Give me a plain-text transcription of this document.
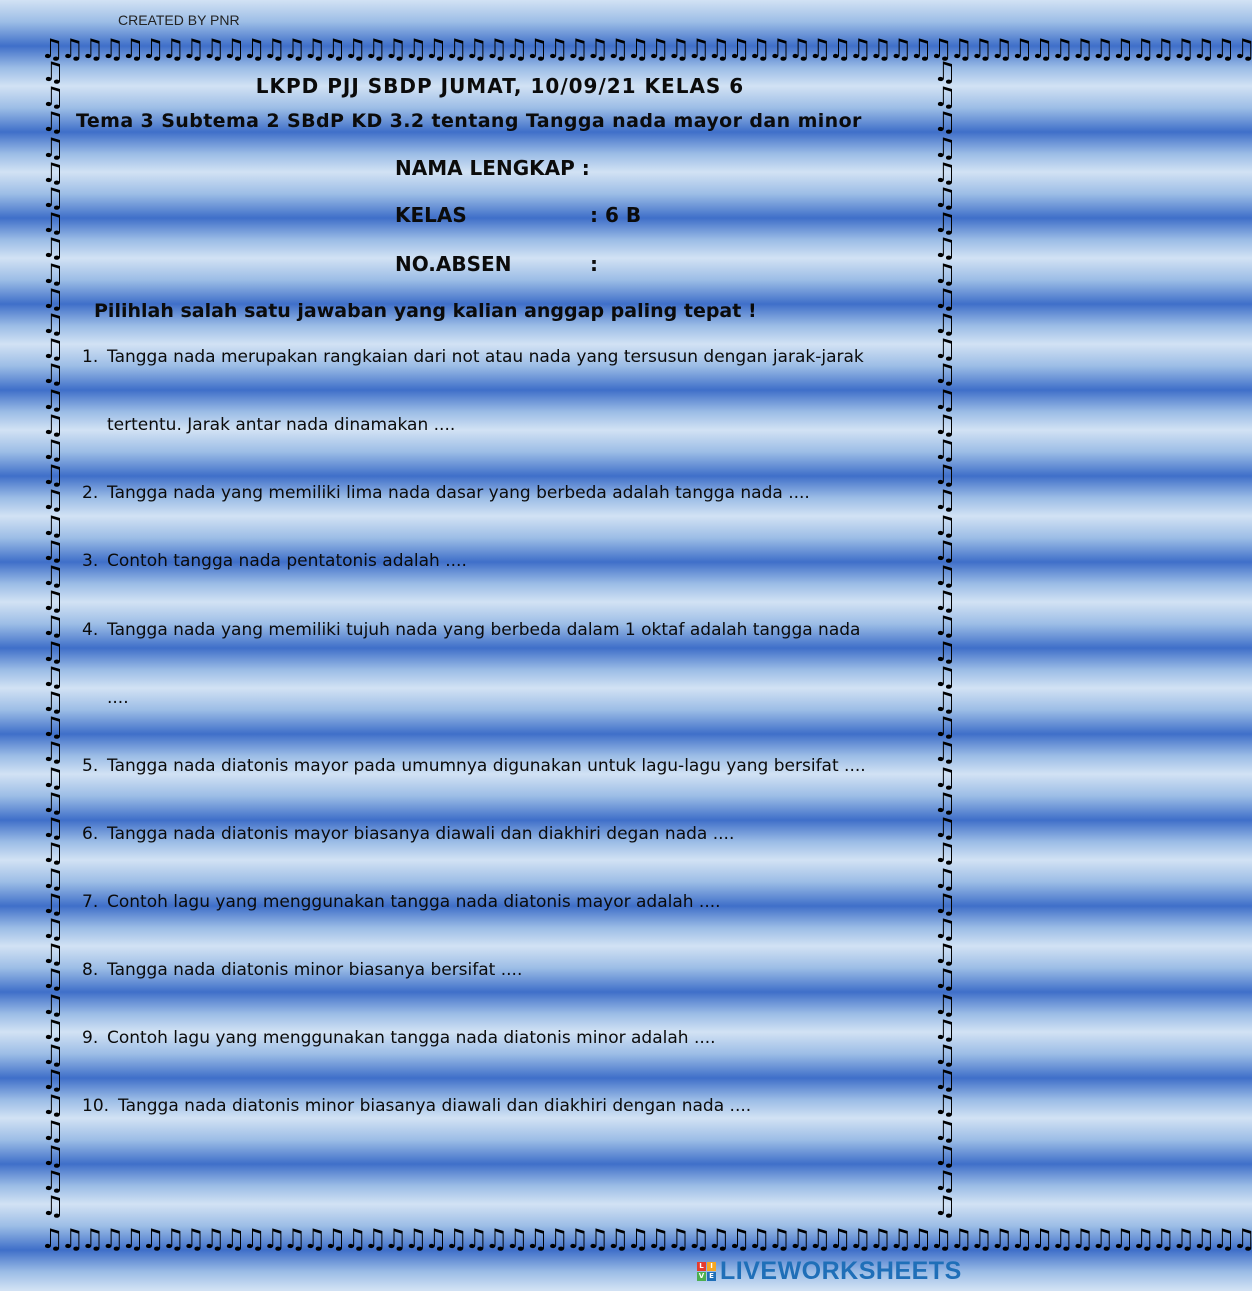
CREATED BY PNR
♫♫♫♫♫♫♫♫♫♫♫♫♫♫♫♫♫♫♫♫♫♫♫♫♫♫♫♫♫♫♫♫♫♫♫♫♫♫♫♫♫♫♫♫♫♫♫♫♫♫♫♫♫♫♫♫♫♫♫♫
♫♫♫♫♫♫♫♫♫♫♫♫♫♫♫♫♫♫♫♫♫♫♫♫♫♫♫♫♫♫♫♫♫♫♫♫♫♫♫♫♫♫♫♫♫♫♫♫♫♫♫♫♫♫♫♫♫♫♫♫
♫
♫
♫
♫
♫
♫
♫
♫
♫
♫
♫
♫
♫
♫
♫
♫
♫
♫
♫
♫
♫
♫
♫
♫
♫
♫
♫
♫
♫
♫
♫
♫
♫
♫
♫
♫
♫
♫
♫
♫
♫
♫
♫
♫
♫
♫
♫
♫
♫
♫
♫
♫
♫
♫
♫
♫
♫
♫
♫
♫
♫
♫
♫
♫
♫
♫
♫
♫
♫
♫
♫
♫
♫
♫
♫
♫
♫
♫
♫
♫
♫
♫
♫
♫
♫
♫
♫
♫
♫
♫
♫
♫
LKPD PJJ SBDP JUMAT, 10/09/21 KELAS 6
Tema 3 Subtema 2 SBdP KD 3.2 tentang Tangga nada mayor dan minor
NAMA LENGKAP :
KELAS	: 6 B
NO.ABSEN	:
Pilihlah salah satu jawaban yang kalian anggap paling tepat !
1. Tangga nada merupakan rangkaian dari not atau nada yang tersusun dengan jarak-jarak
tertentu. Jarak antar nada dinamakan ....
2. Tangga nada yang memiliki lima nada dasar yang berbeda adalah tangga nada ....
3. Contoh tangga nada pentatonis adalah ....
4. Tangga nada yang memiliki tujuh nada yang berbeda dalam 1 oktaf adalah tangga nada
....
5. Tangga nada diatonis mayor pada umumnya digunakan untuk lagu-lagu yang bersifat ....
6. Tangga nada diatonis mayor biasanya diawali dan diakhiri degan nada ....
7. Contoh lagu yang menggunakan tangga nada diatonis mayor adalah ....
8. Tangga nada diatonis minor biasanya bersifat ....
9. Contoh lagu yang menggunakan tangga nada diatonis minor adalah ....
10. Tangga nada diatonis minor biasanya diawali dan diakhiri dengan nada ....
L I
V E LIVEWORKSHEETS
